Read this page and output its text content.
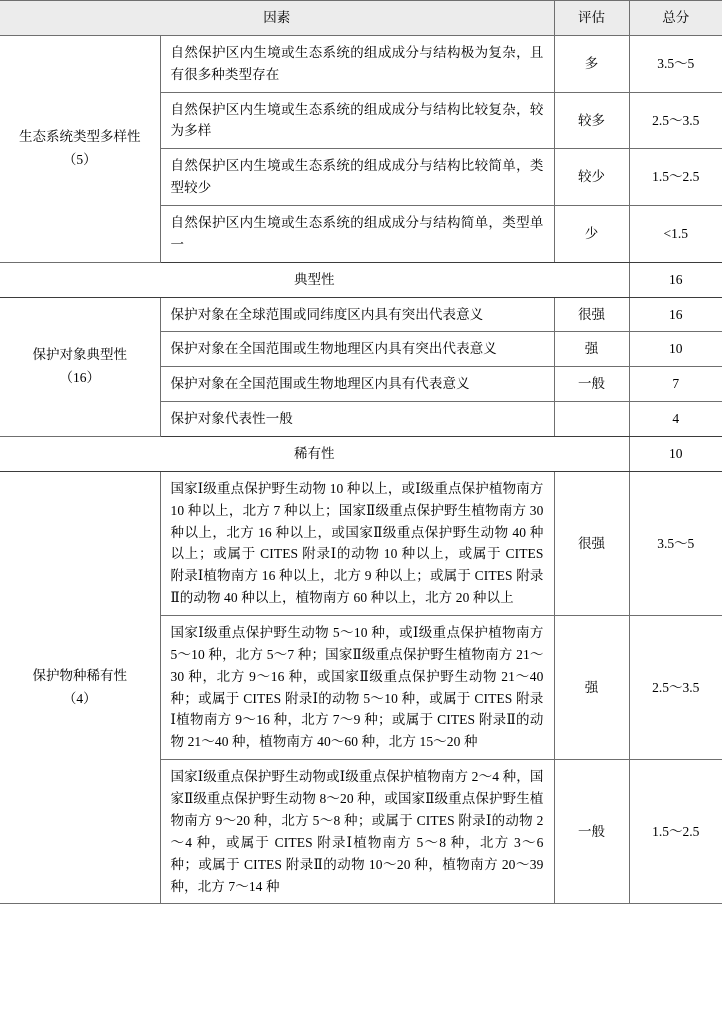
因素		评估	总分

生态系统类型多样性
（5）	自然保护区内生境或生态系统的组成成分与结构极为复杂，且有很多种类型存在	多	3.5～5
	自然保护区内生境或生态系统的组成成分与结构比较复杂，较为多样	较多	2.5～3.5
	自然保护区内生境或生态系统的组成成分与结构比较简单，类型较少	较少	1.5～2.5
	自然保护区内生境或生态系统的组成成分与结构简单，类型单一	少	<1.5
典型性			16

保护对象典型性
（16）	保护对象在全球范围或同纬度区内具有突出代表意义	很强	16
	保护对象在全国范围或生物地理区内具有突出代表意义	强	10
	保护对象在全国范围或生物地理区内具有代表意义	一般	7
	保护对象代表性一般		4
稀有性			10

保护物种稀有性
（4）	国家Ⅰ级重点保护野生动物 10 种以上，或Ⅰ级重点保护植物南方 10 种以上，北方 7 种以上；国家Ⅱ级重点保护野生植物南方 30 种以上，北方 16 种以上，或国家Ⅱ级重点保护野生动物 40 种以上；或属于 CITES 附录Ⅰ的动物 10 种以上，或属于 CITES 附录Ⅰ植物南方 16 种以上，北方 9 种以上；或属于 CITES 附录Ⅱ的动物 40 种以上，植物南方 60 种以上，北方 20 种以上	很强	3.5～5
	国家Ⅰ级重点保护野生动物 5～10 种，或Ⅰ级重点保护植物南方 5～10 种，北方 5～7 种；国家Ⅱ级重点保护野生植物南方 21～30 种，北方 9～16 种，或国家Ⅱ级重点保护野生动物 21～40 种；或属于 CITES 附录Ⅰ的动物 5～10 种，或属于 CITES 附录Ⅰ植物南方 9～16 种，北方 7～9 种；或属于 CITES 附录Ⅱ的动物 21～40 种，植物南方 40～60 种，北方 15～20 种	强	2.5～3.5
	国家Ⅰ级重点保护野生动物或Ⅰ级重点保护植物南方 2～4 种，国家Ⅱ级重点保护野生动物 8～20 种，或国家Ⅱ级重点保护野生植物南方 9～20 种，北方 5～8 种；或属于 CITES 附录Ⅰ的动物 2～4 种，或属于 CITES 附录Ⅰ植物南方 5～8 种，北方 3～6 种；或属于 CITES 附录Ⅱ的动物 10～20 种，植物南方 20～39 种，北方 7～14 种	一般	1.5～2.5
